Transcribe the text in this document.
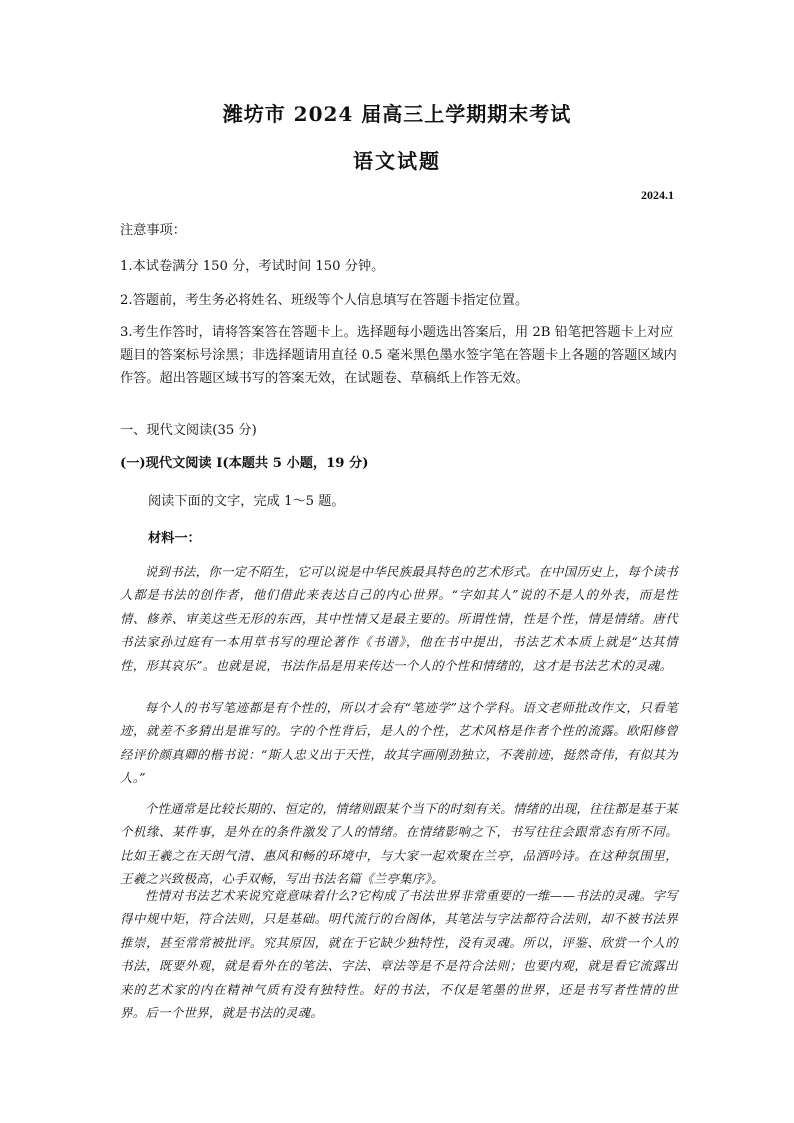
潍坊市 2024 届高三上学期期末考试
语文试题
2024.1
注意事项：
1.本试卷满分 150 分，考试时间 150 分钟。
2.答题前，考生务必将姓名、班级等个人信息填写在答题卡指定位置。
3.考生作答时，请将答案答在答题卡上。选择题每小题选出答案后，用 2B 铅笔把答题卡上对应题目的答案标号涂黑；非选择题请用直径 0.5 毫米黑色墨水签字笔在答题卡上各题的答题区域内作答。超出答题区域书写的答案无效，在试题卷、草稿纸上作答无效。
一、现代文阅读(35 分)
(一)现代文阅读 I(本题共 5 小题，19 分)
阅读下面的文字，完成 1～5 题。
材料一：
说到书法，你一定不陌生，它可以说是中华民族最具特色的艺术形式。在中国历史上，每个读书人都是书法的创作者，他们借此来表达自己的内心世界。“字如其人”说的不是人的外表，而是性情、修养、审美这些无形的东西，其中性情又是最主要的。所谓性情，性是个性，情是情绪。唐代书法家孙过庭有一本用草书写的理论著作《书谱》，他在书中提出，书法艺术本质上就是“达其情性，形其哀乐”。也就是说，书法作品是用来传达一个人的个性和情绪的，这才是书法艺术的灵魂。
每个人的书写笔迹都是有个性的，所以才会有“笔迹学”这个学科。语文老师批改作文，只看笔迹，就差不多猜出是谁写的。字的个性背后，是人的个性，艺术风格是作者个性的流露。欧阳修曾经评价颜真卿的楷书说：“斯人忠义出于天性，故其字画刚劲独立，不袭前迹，挺然奇伟，有似其为人。”
个性通常是比较长期的、恒定的，情绪则跟某个当下的时刻有关。情绪的出现，往往都是基于某个机缘、某件事，是外在的条件激发了人的情绪。在情绪影响之下，书写往往会跟常态有所不同。比如王羲之在天朗气清、惠风和畅的环境中，与大家一起欢聚在兰亭，品酒吟诗。在这种氛围里，王羲之兴致极高，心手双畅，写出书法名篇《兰亭集序》。
性情对书法艺术来说究竟意味着什么?它构成了书法世界非常重要的一维——书法的灵魂。字写得中规中矩，符合法则，只是基础。明代流行的台阁体，其笔法与字法都符合法则，却不被书法界推崇，甚至常常被批评。究其原因，就在于它缺少独特性，没有灵魂。所以，评鉴、欣赏一个人的书法，既要外观，就是看外在的笔法、字法、章法等是不是符合法则；也要内观，就是看它流露出来的艺术家的内在精神气质有没有独特性。好的书法，不仅是笔墨的世界，还是书写者性情的世界。后一个世界，就是书法的灵魂。
